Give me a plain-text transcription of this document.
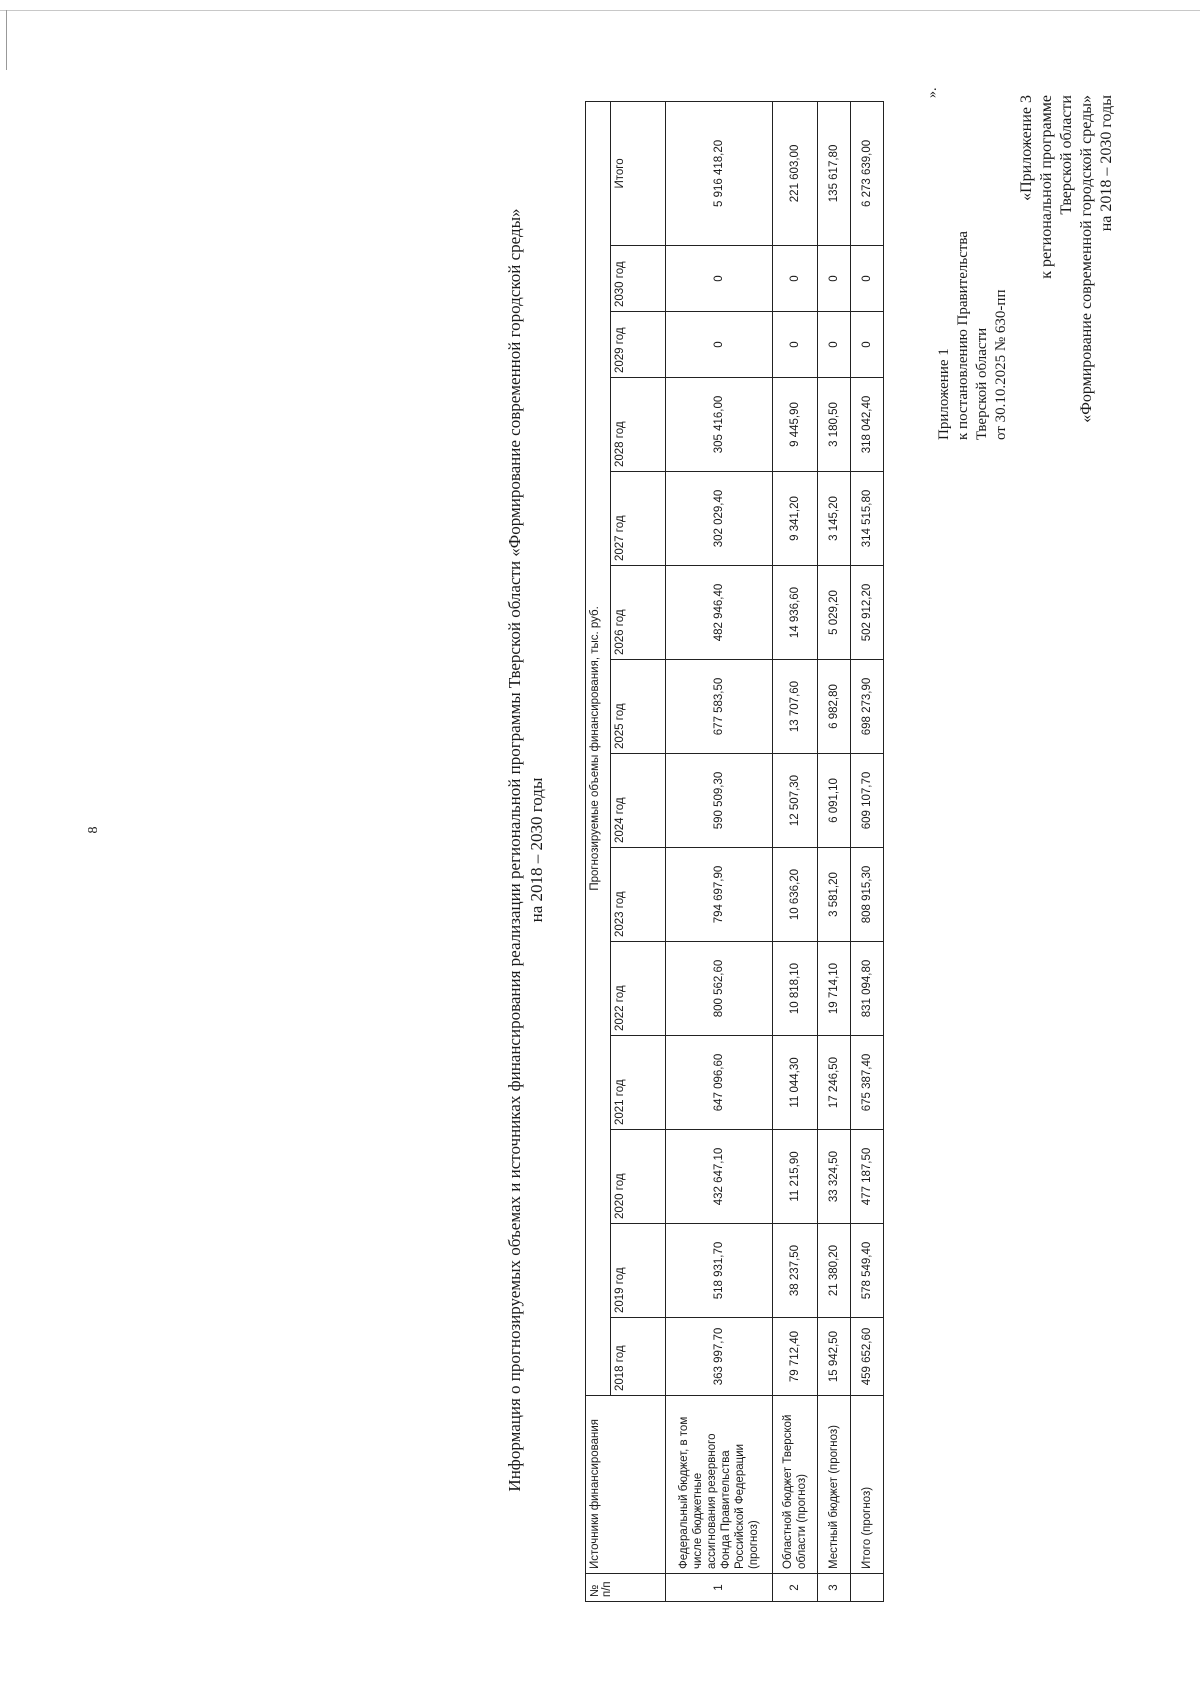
8
Приложение 1 к постановлению Правительства Тверской области от 30.10.2025 № 630-пп
«Приложение 3 к региональной программе Тверской области «Формирование современной городской среды» на 2018 – 2030 годы
Информация о прогнозируемых объемах и источниках финансирования реализации региональной программы Тверской области «Формирование современной городской среды» на 2018 – 2030 годы
№ п/п	Источники финансирования	Прогнозируемые объемы финансирования, тыс. руб.													
		2018 год	2019 год	2020 год	2021 год	2022 год	2023 год	2024 год	2025 год	2026 год	2027 год	2028 год	2029 год	2030 год	Итого
1	Федеральный бюджет, в том числе бюджетные ассигнования резервного Фонда Правительства Российской Федерации (прогноз)	363 997,70	518 931,70	432 647,10	647 096,60	800 562,60	794 697,90	590 509,30	677 583,50	482 946,40	302 029,40	305 416,00	0	0	5 916 418,20
2	Областной бюджет Тверской области (прогноз)	79 712,40	38 237,50	11 215,90	11 044,30	10 818,10	10 636,20	12 507,30	13 707,60	14 936,60	9 341,20	9 445,90	0	0	221 603,00
3	Местный бюджет (прогноз)	15 942,50	21 380,20	33 324,50	17 246,50	19 714,10	3 581,20	6 091,10	6 982,80	5 029,20	3 145,20	3 180,50	0	0	135 617,80
	Итого (прогноз)	459 652,60	578 549,40	477 187,50	675 387,40	831 094,80	808 915,30	609 107,70	698 273,90	502 912,20	314 515,80	318 042,40	0	0	6 273 639,00
».
